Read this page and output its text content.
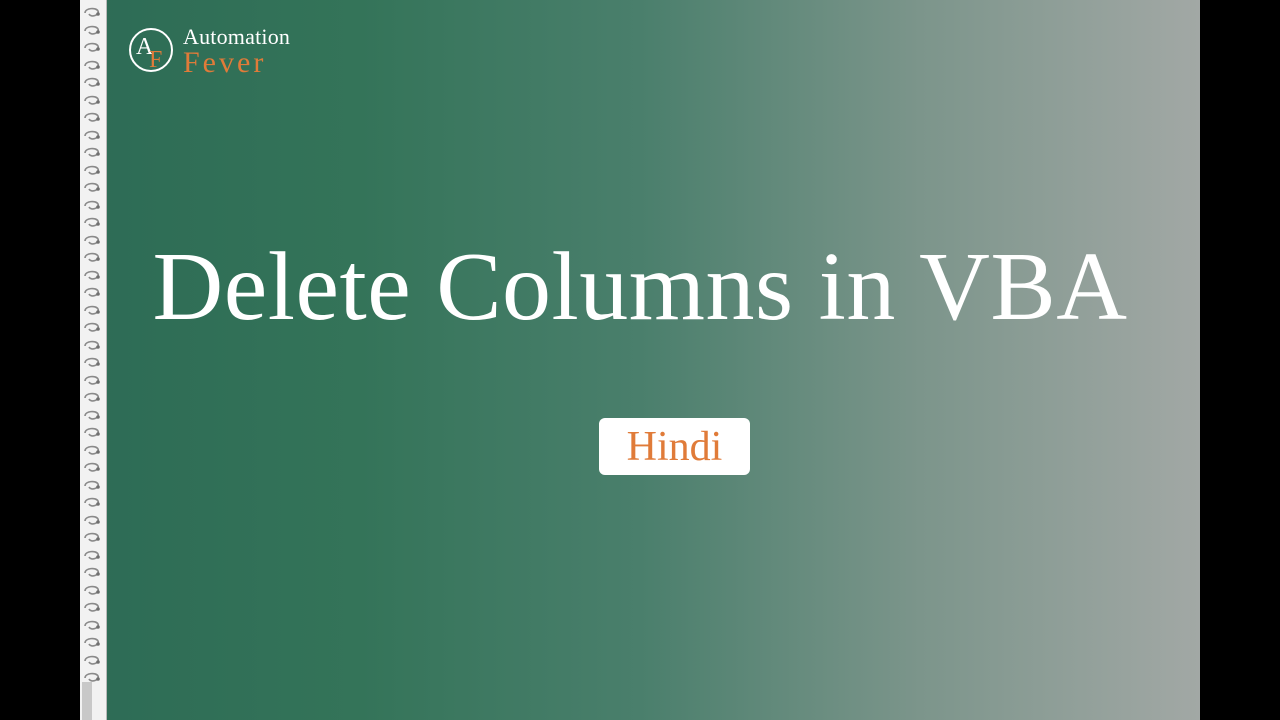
A
F
Automation
Fever
Delete Columns in VBA
Hindi
